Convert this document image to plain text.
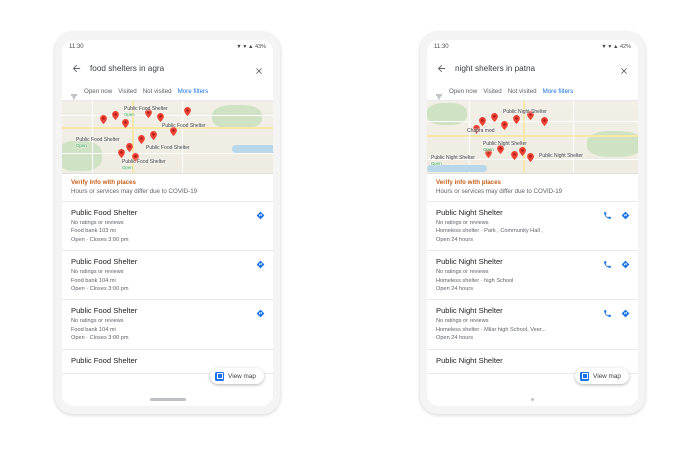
11:30	▼ ♥ ▲ 43%
food shelters in agra
Open now Visited Not visited More filters
Public Food Shelter
Open
Public Food Shelter
Public Food Shelter
Open	Public Food Shelter
Public Food Shelter
Open
Verify info with places
Hours or services may differ due to COVID-19
Public Food Shelter
No ratings or reviews
Food bank 103 mi
Open · Closes 3:00 pm
Public Food Shelter
No ratings or reviews
Food bank 104 mi
Open · Closes 3:00 pm
Public Food Shelter
No ratings or reviews
Food bank 104 mi
Open · Closes 3:00 pm
Public Food Shelter
View map
11:30	▼ ♥ ▲ 42%
night shelters in patna
Open now Visited Not visited More filters
Public Night Shelter
Chapra mod
Public Night Shelter
Open
Public Night Shelter
Open
Public Night Shelter
Verify info with places
Hours or services may differ due to COVID-19
Public Night Shelter
No ratings or reviews
Homeless shelter · Park , Community Hall ,
Open 24 hours
Public Night Shelter
No ratings or reviews
Homeless shelter · high School
Open 24 hours
Public Night Shelter
No ratings or reviews
Homeless shelter · Milar high School, Veer...
Open 24 hours
Public Night Shelter
View map
